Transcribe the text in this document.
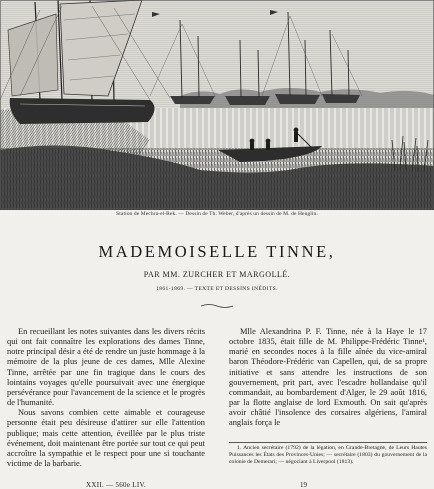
Station de Mechra-el-Rek. — Dessin de Th. Weber, d'après un dessin de M. de Heuglin.
MADEMOISELLE TINNE,
PAR MM. ZURCHER ET MARGOLLÉ.
1861-1869. — TEXTE ET DESSINS INÉDITS.

En recueillant les notes suivantes dans les divers récits qui ont fait connaître les explorations des dames Tinne, notre principal désir a été de rendre un juste hommage à la mémoire de la plus jeune de ces dames, Mlle Alexine Tinne, arrêtée par une fin tragique dans le cours des lointains voyages qu'elle poursuivait avec une énergique persévérance pour l'avancement de la science et le progrès de l'humanité.

Nous savons combien cette aimable et courageuse personne était peu désireuse d'attirer sur elle l'attention publique; mais cette attention, éveillée par le plus triste événement, doit maintenant être portée sur tout ce qui peut accroître la sympathie et le respect pour une si touchante victime de la barbarie.

Mlle Alexandrina P. F. Tinne, née à la Haye le 17 octobre 1835, était fille de M. Philippe-Frédéric Tinne¹, marié en secondes noces à la fille aînée du vice-amiral baron Théodore-Frédéric van Capellen, qui, de sa propre initiative et sans attendre les instructions de son gouvernement, prit part, avec l'escadre hollandaise qu'il commandait, au bombardement d'Alger, le 29 août 1816, par la flotte anglaise de lord Exmouth. On sait qu'après avoir châtié l'insolence des corsaires algériens, l'amiral anglais força le

1. Ancien secrétaire (1792) de la légation, en Grande-Bretagne, de Leurs Hautes Puissances les États des Provinces-Unies; — secrétaire (1803) du gouvernement de la colonie de Demerari; — négociant à Liverpool (1813).

XXII. — 560e LIV.	19
